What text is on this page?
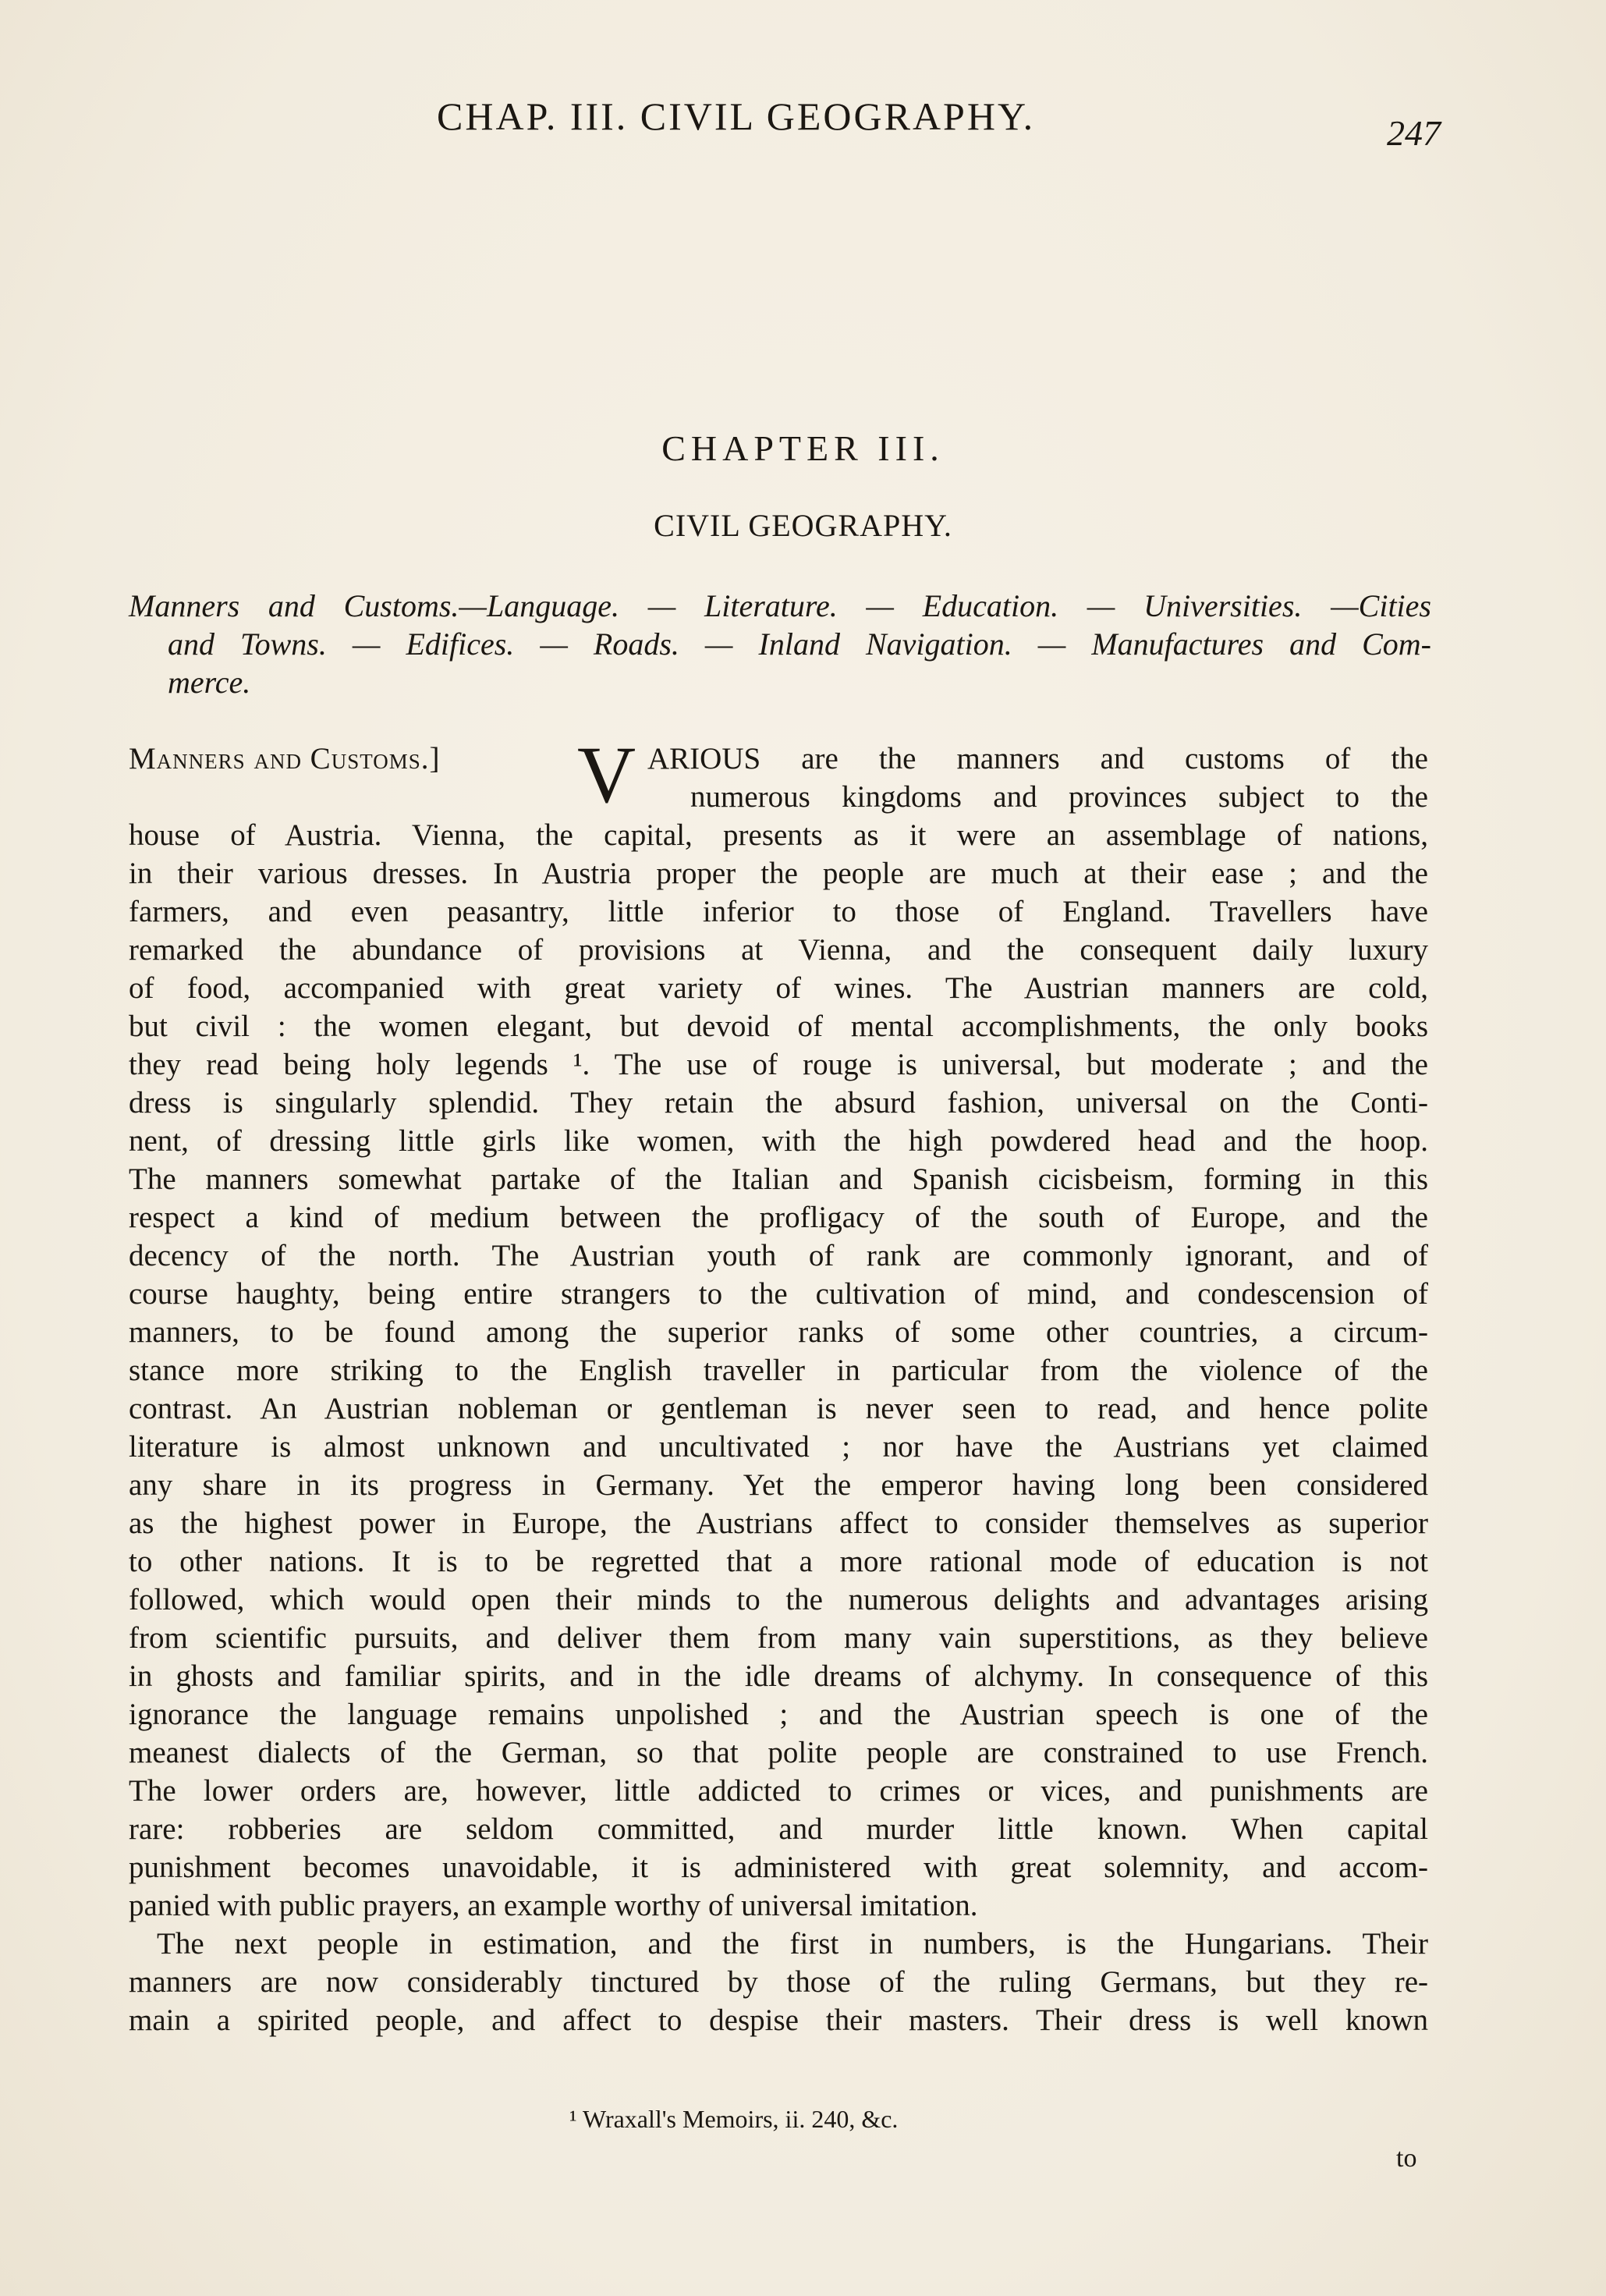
CHAP. III. CIVIL GEOGRAPHY.	247
CHAPTER III.
CIVIL GEOGRAPHY.
Manners and Customs.—Language. — Literature. — Education. — Universities. —Cities
and Towns. — Edifices. — Roads. — Inland Navigation. — Manufactures and Com-
merce.
Manners and Customs.] V ARIOUS are the manners and customs of the
numerous kingdoms and provinces subject to the
house of Austria. Vienna, the capital, presents as it were an assemblage of nations,
in their various dresses. In Austria proper the people are much at their ease ; and the
farmers, and even peasantry, little inferior to those of England. Travellers have
remarked the abundance of provisions at Vienna, and the consequent daily luxury
of food, accompanied with great variety of wines. The Austrian manners are cold,
but civil : the women elegant, but devoid of mental accomplishments, the only books
they read being holy legends ¹. The use of rouge is universal, but moderate ; and the
dress is singularly splendid. They retain the absurd fashion, universal on the Conti-
nent, of dressing little girls like women, with the high powdered head and the hoop.
The manners somewhat partake of the Italian and Spanish cicisbeism, forming in this
respect a kind of medium between the profligacy of the south of Europe, and the
decency of the north. The Austrian youth of rank are commonly ignorant, and of
course haughty, being entire strangers to the cultivation of mind, and condescension of
manners, to be found among the superior ranks of some other countries, a circum-
stance more striking to the English traveller in particular from the violence of the
contrast. An Austrian nobleman or gentleman is never seen to read, and hence polite
literature is almost unknown and uncultivated ; nor have the Austrians yet claimed
any share in its progress in Germany. Yet the emperor having long been considered
as the highest power in Europe, the Austrians affect to consider themselves as superior
to other nations. It is to be regretted that a more rational mode of education is not
followed, which would open their minds to the numerous delights and advantages arising
from scientific pursuits, and deliver them from many vain superstitions, as they believe
in ghosts and familiar spirits, and in the idle dreams of alchymy. In consequence of this
ignorance the language remains unpolished ; and the Austrian speech is one of the
meanest dialects of the German, so that polite people are constrained to use French.
The lower orders are, however, little addicted to crimes or vices, and punishments are
rare: robberies are seldom committed, and murder little known. When capital
punishment becomes unavoidable, it is administered with great solemnity, and accom-
panied with public prayers, an example worthy of universal imitation.
The next people in estimation, and the first in numbers, is the Hungarians. Their
manners are now considerably tinctured by those of the ruling Germans, but they re-
main a spirited people, and affect to despise their masters. Their dress is well known
¹ Wraxall's Memoirs, ii. 240, &c.
to
